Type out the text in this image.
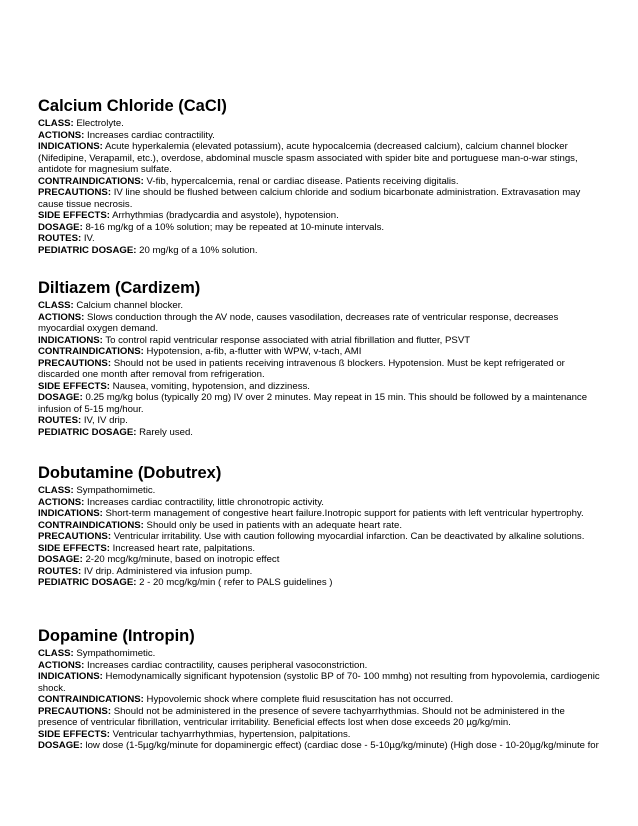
Calcium Chloride (CaCl)

CLASS: Electrolyte.

ACTIONS: Increases cardiac contractility.

INDICATIONS: Acute hyperkalemia (elevated potassium), acute hypocalcemia (decreased calcium), calcium channel blocker (Nifedipine, Verapamil, etc.), overdose, abdominal muscle spasm associated with spider bite and portuguese man-o-war stings, antidote for magnesium sulfate.

CONTRAINDICATIONS: V-fib, hypercalcemia, renal or cardiac disease. Patients receiving digitalis.

PRECAUTIONS: IV line should be flushed between calcium chloride and sodium bicarbonate administration. Extravasation may cause tissue necrosis.

SIDE EFFECTS: Arrhythmias (bradycardia and asystole), hypotension.

DOSAGE: 8-16 mg/kg of a 10% solution; may be repeated at 10-minute intervals.

ROUTES: IV.

PEDIATRIC DOSAGE: 20 mg/kg of a 10% solution.

Diltiazem (Cardizem)

CLASS: Calcium channel blocker.

ACTIONS: Slows conduction through the AV node, causes vasodilation, decreases rate of ventricular response, decreases myocardial oxygen demand.

INDICATIONS: To control rapid ventricular response associated with atrial fibrillation and flutter, PSVT

CONTRAINDICATIONS: Hypotension, a-fib, a-flutter with WPW, v-tach, AMI

PRECAUTIONS: Should not be used in patients receiving intravenous ß blockers. Hypotension. Must be kept refrigerated or discarded one month after removal from refrigeration.

SIDE EFFECTS: Nausea, vomiting, hypotension, and dizziness.

DOSAGE: 0.25 mg/kg bolus (typically 20 mg) IV over 2 minutes. May repeat in 15 min. This should be followed by a maintenance infusion of 5-15 mg/hour.

ROUTES: IV, IV drip.

PEDIATRIC DOSAGE: Rarely used.

Dobutamine (Dobutrex)

CLASS: Sympathomimetic.

ACTIONS: Increases cardiac contractility, little chronotropic activity.

INDICATIONS: Short-term management of congestive heart failure.Inotropic support for patients with left ventricular hypertrophy.

CONTRAINDICATIONS: Should only be used in patients with an adequate heart rate.

PRECAUTIONS: Ventricular irritability. Use with caution following myocardial infarction. Can be deactivated by alkaline solutions.

SIDE EFFECTS: Increased heart rate, palpitations.

DOSAGE: 2-20 mcg/kg/minute, based on inotropic effect

ROUTES: IV drip. Administered via infusion pump.

PEDIATRIC DOSAGE: 2 - 20 mcg/kg/min ( refer to PALS guidelines )

Dopamine (Intropin)

CLASS: Sympathomimetic.

ACTIONS: Increases cardiac contractility, causes peripheral vasoconstriction.

INDICATIONS: Hemodynamically significant hypotension (systolic BP of 70- 100 mmhg) not resulting from hypovolemia, cardiogenic shock.

CONTRAINDICATIONS: Hypovolemic shock where complete fluid resuscitation has not occurred.

PRECAUTIONS: Should not be administered in the presence of severe tachyarrhythmias. Should not be administered in the presence of ventricular fibrillation, ventricular irritability. Beneficial effects lost when dose exceeds 20 µg/kg/min.

SIDE EFFECTS: Ventricular tachyarrhythmias, hypertension, palpitations.

DOSAGE: low dose (1-5µg/kg/minute for dopaminergic effect) (cardiac dose - 5-10µg/kg/minute) (High dose - 10-20µg/kg/minute for
